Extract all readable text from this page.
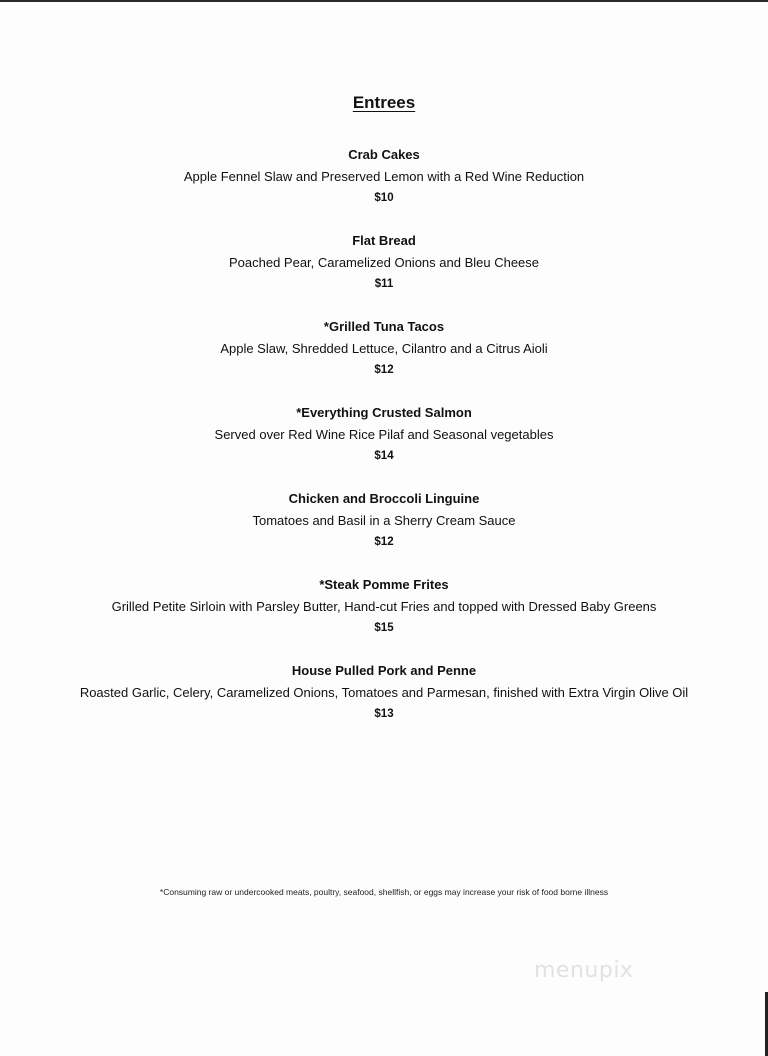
Entrees
Crab Cakes
Apple Fennel Slaw and Preserved Lemon with a Red Wine Reduction
$10
Flat Bread
Poached Pear, Caramelized Onions and Bleu Cheese
$11
*Grilled Tuna Tacos
Apple Slaw, Shredded Lettuce, Cilantro and a Citrus Aioli
$12
*Everything Crusted Salmon
Served over Red Wine Rice Pilaf and Seasonal vegetables
$14
Chicken and Broccoli Linguine
Tomatoes and Basil in a Sherry Cream Sauce
$12
*Steak Pomme Frites
Grilled Petite Sirloin with Parsley Butter, Hand-cut Fries and topped with Dressed Baby Greens
$15
House Pulled Pork and Penne
Roasted Garlic, Celery, Caramelized Onions, Tomatoes and Parmesan, finished with Extra Virgin Olive Oil
$13
*Consuming raw or undercooked meats, poultry, seafood, shellfish, or eggs may increase your risk of food borne illness
menupix
